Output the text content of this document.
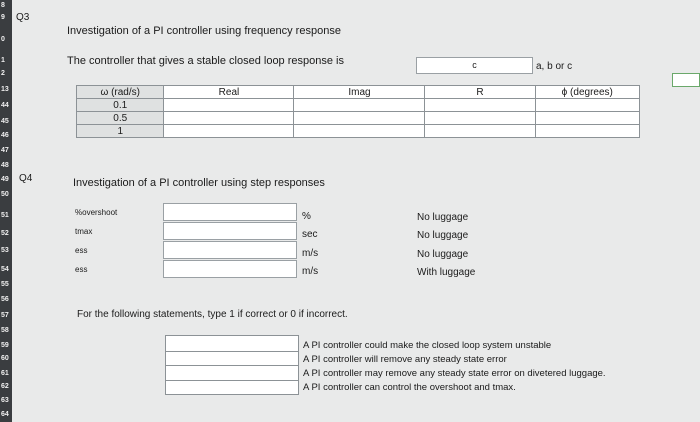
8
9
0
1
2
13
44
45
46
47
48
49
50
51
52
53
54
55
56
57
58
59
60
61
62
63
64
Q3
Investigation of a PI controller using frequency response
The controller that gives a stable closed loop response is	c	a, b or c
ω (rad/s)	Real	Imag	R	ϕ (degrees)
0.1				
0.5				
1				
Q4	Investigation of a PI controller using step responses
%overshoot	%	No luggage
tmax	sec	No luggage
ess	m/s	No luggage
ess	m/s	With luggage
For the following statements, type 1 if correct or 0 if incorrect.
A PI controller could make the closed loop system unstable
A PI controller will remove any steady state error
A PI controller may remove any steady state error on divetered luggage.
A PI controller can control the overshoot and tmax.
